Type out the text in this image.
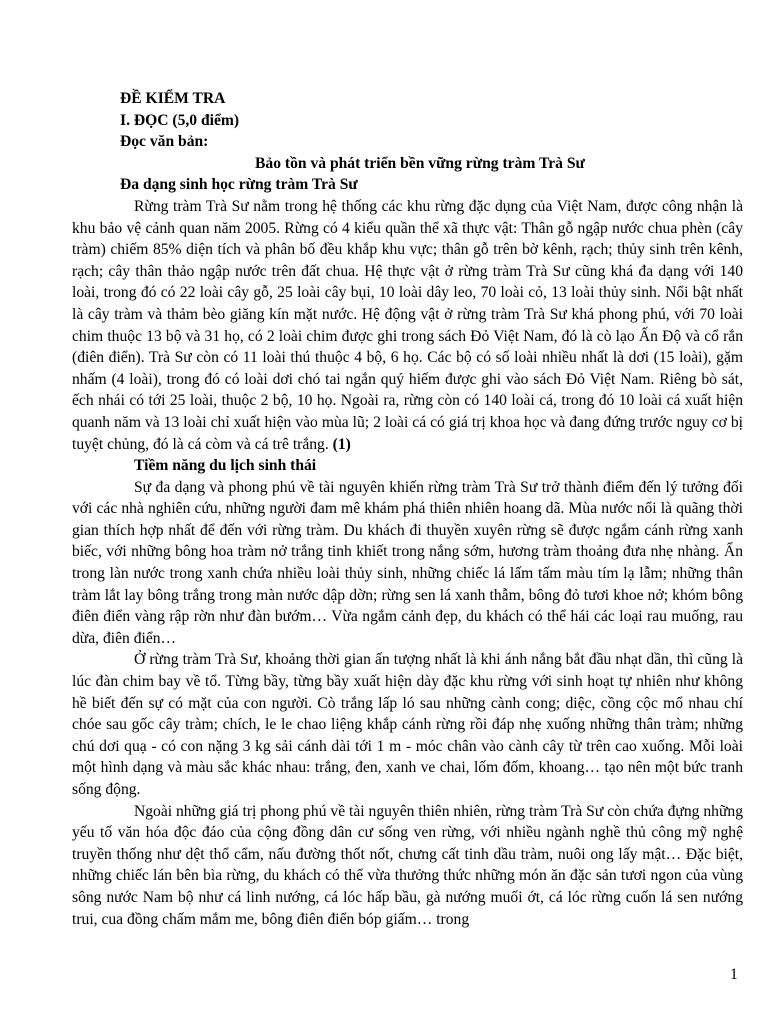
ĐỀ KIỂM TRA
I. ĐỌC (5,0 điểm)
Đọc văn bản:
Bảo tồn và phát triển bền vững rừng tràm Trà Sư
Đa dạng sinh học rừng tràm Trà Sư

Rừng tràm Trà Sư nằm trong hệ thống các khu rừng đặc dụng của Việt Nam, được công nhận là khu bảo vệ cảnh quan năm 2005. Rừng có 4 kiểu quần thể xã thực vật: Thân gỗ ngập nước chua phèn (cây tràm) chiếm 85% diện tích và phân bố đều khắp khu vực; thân gỗ trên bờ kênh, rạch; thủy sinh trên kênh, rạch; cây thân thảo ngập nước trên đất chua. Hệ thực vật ở rừng tràm Trà Sư cũng khá đa dạng với 140 loài, trong đó có 22 loài cây gỗ, 25 loài cây bụi, 10 loài dây leo, 70 loài cỏ, 13 loài thủy sinh. Nổi bật nhất là cây tràm và thảm bèo giăng kín mặt nước. Hệ động vật ở rừng tràm Trà Sư khá phong phú, với 70 loài chim thuộc 13 bộ và 31 họ, có 2 loài chim được ghi trong sách Đỏ Việt Nam, đó là cò lạo Ấn Độ và cổ rắn (điên điển). Trà Sư còn có 11 loài thú thuộc 4 bộ, 6 họ. Các bộ có số loài nhiều nhất là dơi (15 loài), gặm nhấm (4 loài), trong đó có loài dơi chó tai ngắn quý hiếm được ghi vào sách Đỏ Việt Nam. Riêng bò sát, ếch nhái có tới 25 loài, thuộc 2 bộ, 10 họ. Ngoài ra, rừng còn có 140 loài cá, trong đó 10 loài cá xuất hiện quanh năm và 13 loài chỉ xuất hiện vào mùa lũ; 2 loài cá có giá trị khoa học và đang đứng trước nguy cơ bị tuyệt chủng, đó là cá còm và cá trê trắng. (1)

Tiềm năng du lịch sinh thái

Sự đa dạng và phong phú về tài nguyên khiến rừng tràm Trà Sư trở thành điểm đến lý tưởng đối với các nhà nghiên cứu, những người đam mê khám phá thiên nhiên hoang dã. Mùa nước nổi là quãng thời gian thích hợp nhất để đến với rừng tràm. Du khách đi thuyền xuyên rừng sẽ được ngắm cánh rừng xanh biếc, với những bông hoa tràm nở trắng tinh khiết trong nắng sớm, hương tràm thoảng đưa nhẹ nhàng. Ẩn trong làn nước trong xanh chứa nhiều loài thủy sinh, những chiếc lá lấm tấm màu tím lạ lẫm; những thân tràm lắt lay bông trắng trong màn nước dập dờn; rừng sen lá xanh thẫm, bông đỏ tươi khoe nở; khóm bông điên điển vàng rập rờn như đàn bướm… Vừa ngắm cảnh đẹp, du khách có thể hái các loại rau muống, rau dừa, điên điển…

Ở rừng tràm Trà Sư, khoảng thời gian ấn tượng nhất là khi ánh nắng bắt đầu nhạt dần, thì cũng là lúc đàn chim bay về tổ. Từng bầy, từng bầy xuất hiện dày đặc khu rừng với sinh hoạt tự nhiên như không hề biết đến sự có mặt của con người. Cò trắng lấp ló sau những cành cong; diệc, cồng cộc mổ nhau chí chóe sau gốc cây tràm; chích, le le chao liệng khắp cánh rừng rồi đáp nhẹ xuống những thân tràm; những chú dơi quạ - có con nặng 3 kg sải cánh dài tới 1 m - móc chân vào cành cây từ trên cao xuống. Mỗi loài một hình dạng và màu sắc khác nhau: trắng, đen, xanh ve chai, lốm đốm, khoang… tạo nên một bức tranh sống động.

Ngoài những giá trị phong phú về tài nguyên thiên nhiên, rừng tràm Trà Sư còn chứa đựng những yếu tố văn hóa độc đáo của cộng đồng dân cư sống ven rừng, với nhiều ngành nghề thủ công mỹ nghệ truyền thống như dệt thổ cẩm, nấu đường thốt nốt, chưng cất tinh dầu tràm, nuôi ong lấy mật… Đặc biệt, những chiếc lán bên bìa rừng, du khách có thể vừa thưởng thức những món ăn đặc sản tươi ngon của vùng sông nước Nam bộ như cá linh nướng, cá lóc hấp bầu, gà nướng muối ớt, cá lóc rừng cuốn lá sen nướng trui, cua đồng chấm mắm me, bông điên điển bóp giấm… trong

1
